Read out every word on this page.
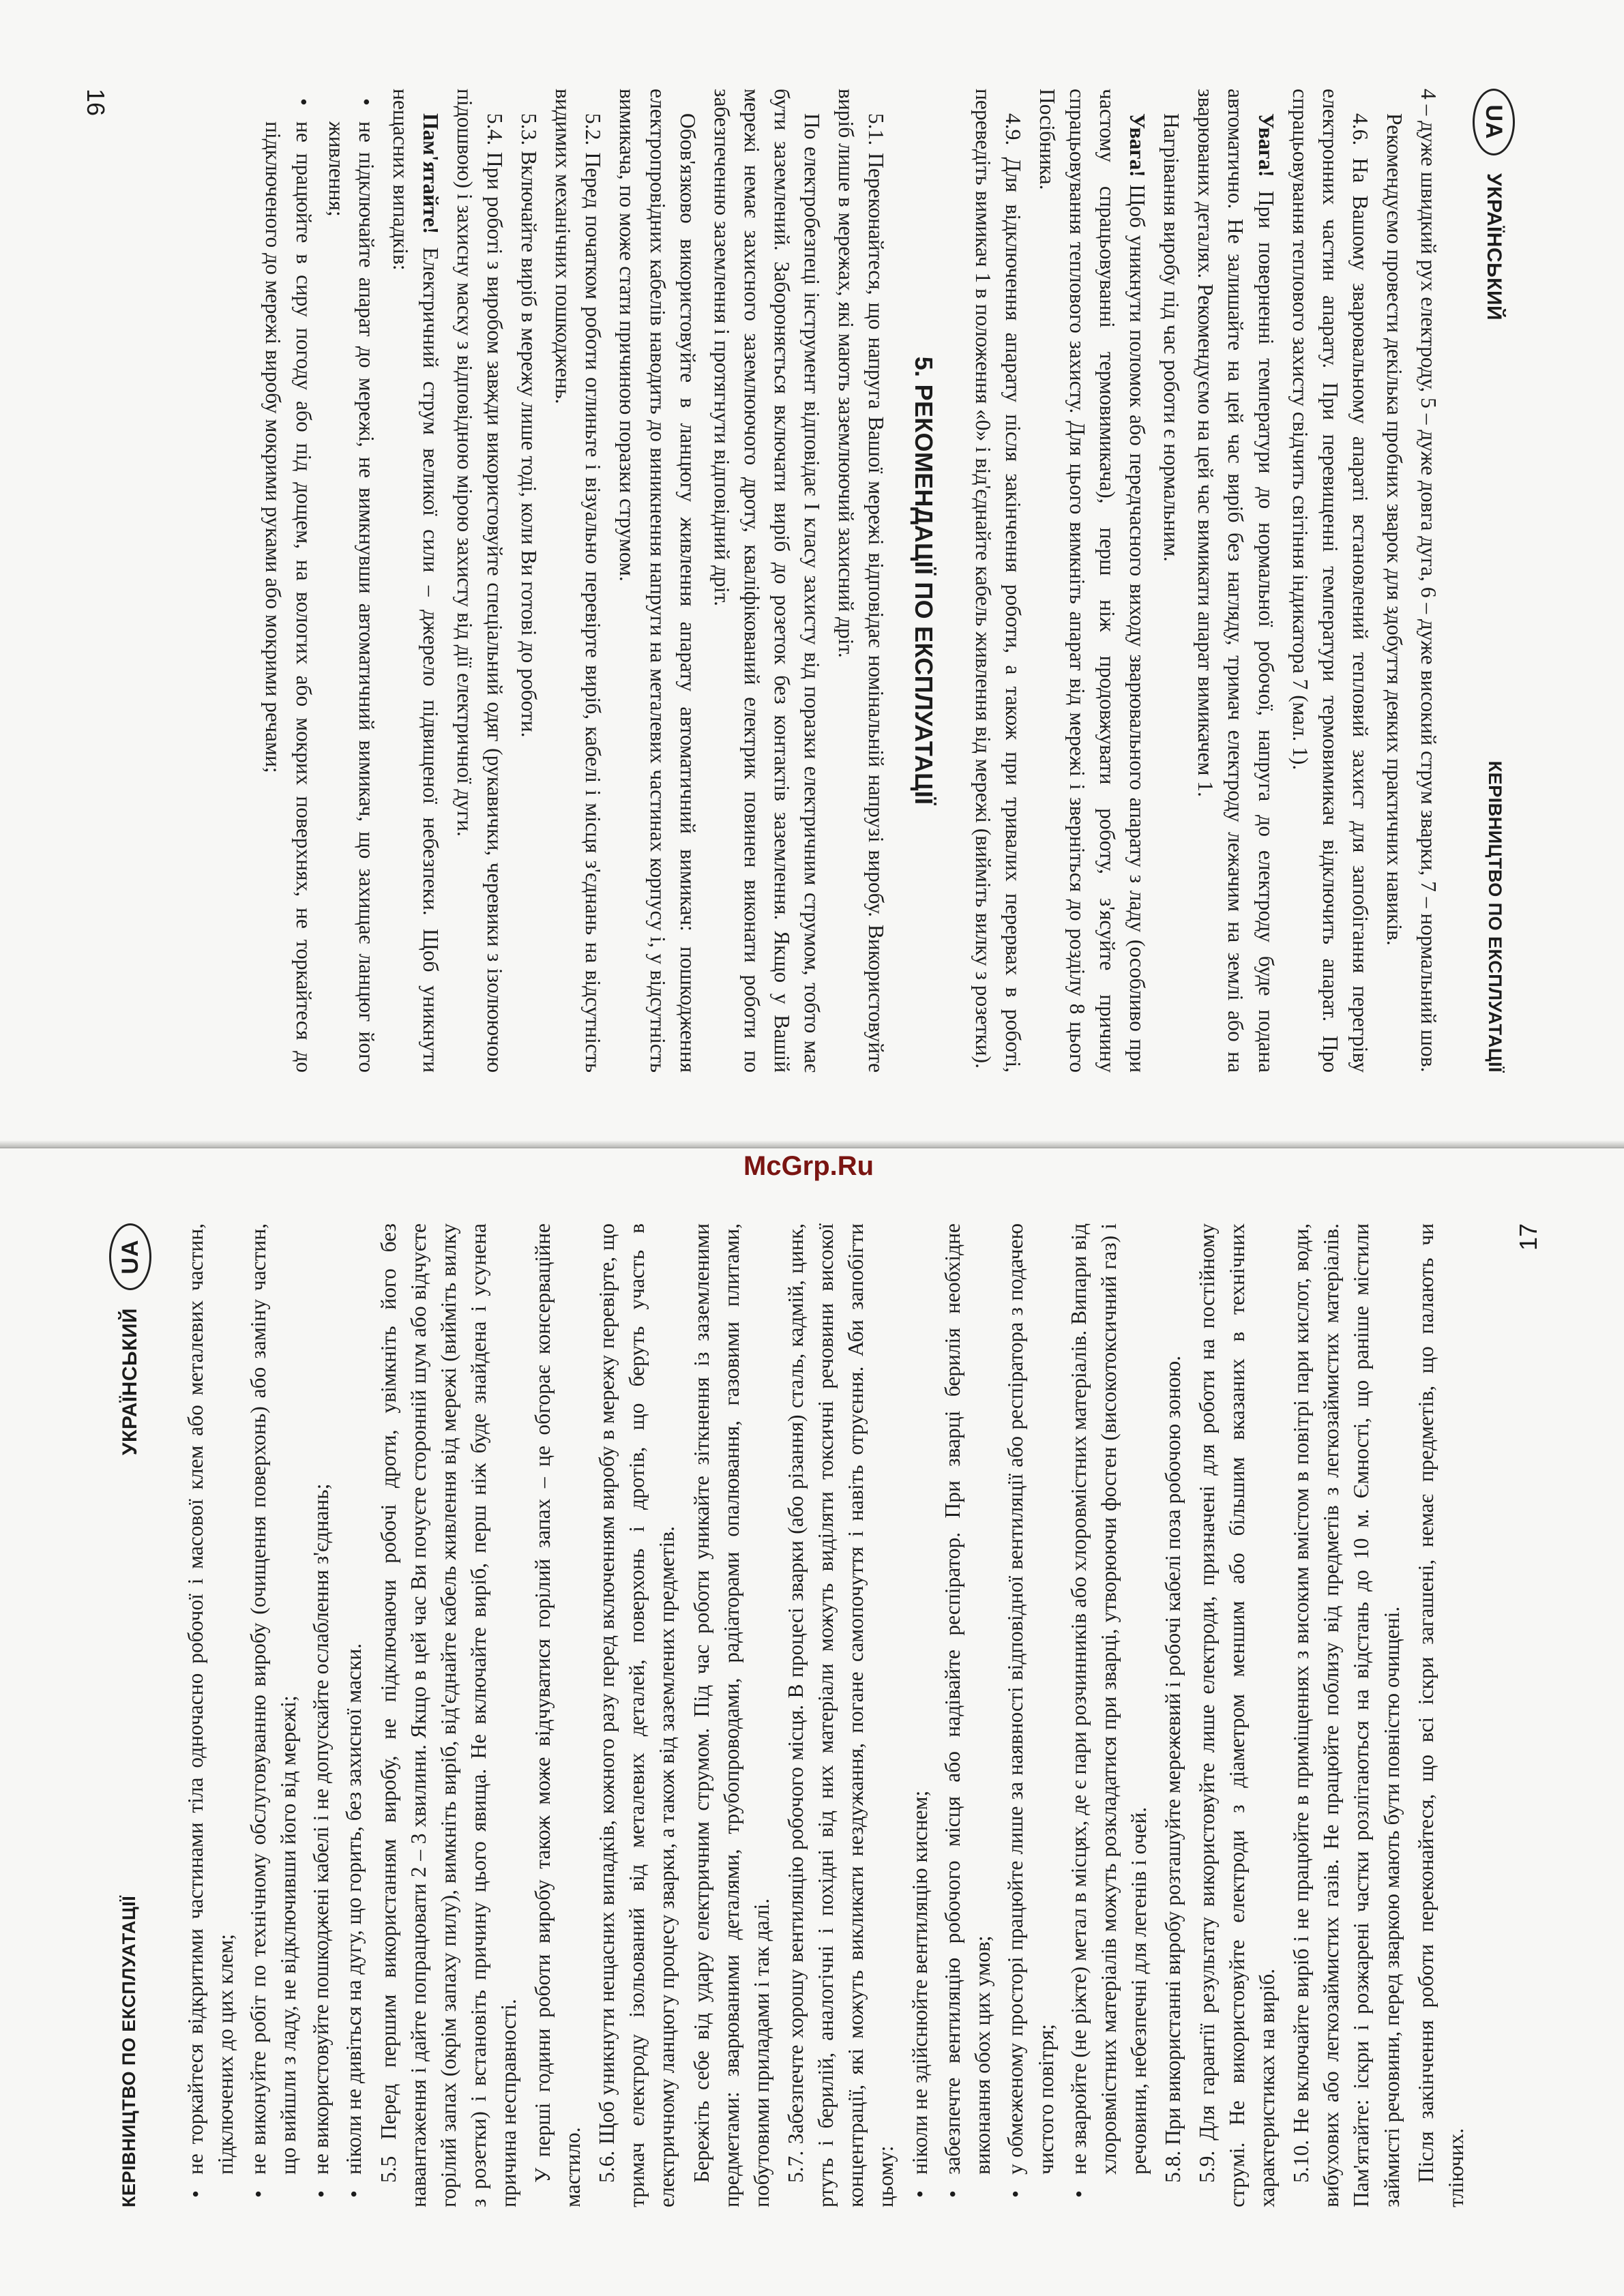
UA
УКРАЇНСЬКИЙ
КЕРІВНИЦТВО ПО ЕКСПЛУАТАЦІЇ

4 – дуже швидкий рух електроду, 5 – дуже довга дуга, 6 – дуже високий струм зварки, 7 – нормальний шов.

Рекомендуємо провести декілька пробних зварок для здобуття деяких практичних навиків.

4.6. На Вашому зварювальному апараті встановлений тепловий захист для запобігання перегріву електронних частин апарату. При перевищенні температури термовимикач відключить апарат. Про спрацьовування теплового захисту свідчить світіння індикатора 7 (мал. 1).

Увага! При поверненні температури до нормальної робочої, напруга до електроду буде подана автоматично. Не залишайте на цей час виріб без нагляду, тримач електроду лежачим на землі або на зварюваних деталях. Рекомендуємо на цей час вимикати апарат вимикачем 1.

Нагрівання виробу під час роботи є нормальним.

Увага! Щоб уникнути поломок або передчасного виходу зварювального апарату з ладу (особливо при частому спрацьовуванні термовимикача), перш ніж продовжувати роботу, з'ясуйте причину спрацьовування теплового захисту. Для цього вимкніть апарат від мережі і зверніться до розділу 8 цього Посібника.

4.9. Для відключення апарату після закінчення роботи, а також при тривалих перервах в роботі, переведіть вимикач 1 в положення «0» і від'єднайте кабель живлення від мережі (вийміть вилку з розетки).

5. РЕКОМЕНДАЦІЇ ПО ЕКСПЛУАТАЦІЇ

5.1. Переконайтеся, що напруга Вашої мережі відповідає номінальній напрузі виробу. Використовуйте виріб лише в мережах, які мають заземлюючий захисний дріт.

По електробезпеці інструмент відповідає I класу захисту від поразки електричним струмом, тобто має бути заземлений. Забороняється включати виріб до розеток без контактів заземлення. Якщо у Вашій мережі немає захисного заземлюючого дроту, кваліфікований електрик повинен виконати роботи по забезпеченню заземлення і протягнути відповідний дріт.

Обов'язково використовуйте в ланцюгу живлення апарату автоматичний вимикач: пошкодження електропровідних кабелів наводить до виникнення напруги на металевих частинах корпусу і, у відсутність вимикача, по може стати причиною поразки струмом.

5.2. Перед початком роботи оглиньте і візуально перевірте виріб, кабелі і місця з'єднань на відсутність видимих механічних пошкоджень.

5.3. Включайте виріб в мережу лише тоді, коли Ви готові до роботи.

5.4. При роботі з виробом завжди використовуйте спеціальний одяг (рукавички, черевики з ізолюючою підошвою) і захисну маску з відповідною мірою захисту від дії електричної дуги.

Пам'ятайте! Електричний струм великої сили – джерело підвищеної небезпеки. Щоб уникнути нещасних випадків:

• не підключайте апарат до мережі, не вимкнувши автоматичний вимикач, що захищає ланцюг його живлення;
• не працюйте в сиру погоду або під дощем, на вологих або мокрих поверхнях, не торкайтеся до підключеного до мережі виробу мокрими руками або мокрими речами;
16
McGrp.Ru
UA
УКРАЇНСЬКИЙ
КЕРІВНИЦТВО ПО ЕКСПЛУАТАЦІЇ • не торкайтеся відкритими частинами тіла одночасно робочої і масової клем або металевих частин, підключених до цих клем; • не виконуйте робіт по технічному обслуговуванню виробу (очищення поверхонь) або заміну частин, що вийшли з ладу, не відключивши його від мережі; • не використовуйте пошкоджені кабелі і не допускайте ослаблення з'єднань; • ніколи не дивіться на дугу, що горить, без захисної маски. 5.5 Перед першим використанням виробу, не підключаючи робочі дроти, увімкніть його без навантаження і дайте попрацювати 2 – 3 хвилини. Якщо в цей час Ви почуєте сторонній шум або відчуєте горілий запах (окрім запаху пилу), вимкніть виріб, від'єднайте кабель живлення від мережі (вийміть вилку з розетки) і встановіть причину цього явища. Не включайте виріб, перш ніж буде знайдена і усунена причина несправності. У перші години роботи виробу також може відчуватися горілий запах – це обгорає консерваційне мастило. 5.6. Щоб уникнути нещасних випадків, кожного разу перед включенням виробу в мережу перевірте, що тримач електроду ізольований від металевих деталей, поверхонь і дротів, що беруть участь в електричному ланцюгу процесу зварки, а також від заземлених предметів. Бережіть себе від удару електричним струмом. Під час роботи уникайте зіткнення із заземленими предметами: зварюваними деталями, трубопроводами, радіаторами опалювання, газовими плитами, побутовими приладами і так далі. 5.7. Забезпечте хорошу вентиляцію робочого місця. В процесі зварки (або різання) сталь, кадмій, цинк, ртуть і берилій, аналогічні і похідні від них матеріали можуть виділяти токсичні речовини високої концентрації, які можуть викликати нездужання, погане самопочуття і навіть отруєння. Аби запобігти цьому:

• ніколи не здійснюйте вентиляцію киснем; • забезпечте вентиляцію робочого місця або надівайте респіратор. При зварці берилія необхідне виконання обох цих умов; • у обмеженому просторі працюйте лише за наявності відповідної вентиляції або респіратора з подачею чистого повітря; • не зварюйте (не ріжте) метал в місцях, де є пари розчинників або хлоровмістних матеріалів. Випари від хлоровмістних матеріалів можуть розкладатися при зварці, утворюючи фосген (високотоксичний газ) і речовини, небезпечні для легенів і очей. 5.8. При використанні виробу розташуйте мережевий і робочі кабелі поза робочою зоною. 5.9. Для гарантії результату використовуйте лише електроди, призначені для роботи на постійному струмі. Не використовуйте електроди з діаметром меншим або більшим вказаних в технічних характеристиках на виріб. 5.10. Не включайте виріб і не працюйте в приміщеннях з високим вмістом в повітрі пари кислот, води, вибухових або легкозаймистих газів. Не працюйте поблизу від предметів з легкозаймистих матеріалів. Пам'ятайте: іскри і розжарені частки розлітаються на відстань до 10 м. Ємності, що раніше містили займисті речовини, перед зваркою мають бути повністю очищені. Після закінчення роботи переконайтеся, що всі іскри загашені, немає предметів, що палають чи тліючих.

17
